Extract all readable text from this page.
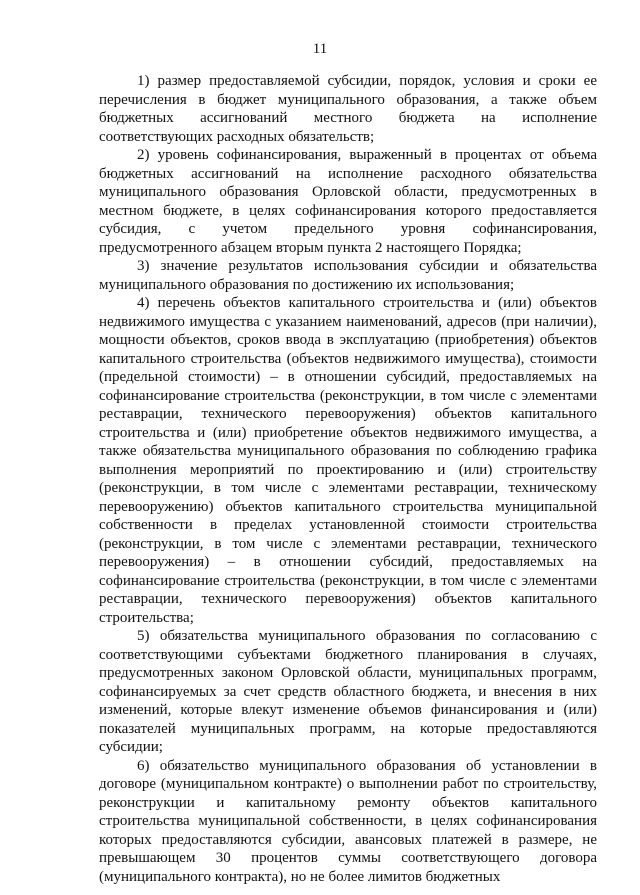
11

1) размер предоставляемой субсидии, порядок, условия и сроки ее перечисления в бюджет муниципального образования, а также объем бюджетных ассигнований местного бюджета на исполнение соответствующих расходных обязательств;

2) уровень софинансирования, выраженный в процентах от объема бюджетных ассигнований на исполнение расходного обязательства муниципального образования Орловской области, предусмотренных в местном бюджете, в целях софинансирования которого предоставляется субсидия, с учетом предельного уровня софинансирования, предусмотренного абзацем вторым пункта 2 настоящего Порядка;

3) значение результатов использования субсидии и обязательства муниципального образования по достижению их использования;

4) перечень объектов капитального строительства и (или) объектов недвижимого имущества с указанием наименований, адресов (при наличии), мощности объектов, сроков ввода в эксплуатацию (приобретения) объектов капитального строительства (объектов недвижимого имущества), стоимости (предельной стоимости) – в отношении субсидий, предоставляемых на софинансирование строительства (реконструкции, в том числе с элементами реставрации, технического перевооружения) объектов капитального строительства и (или) приобретение объектов недвижимого имущества, а также обязательства муниципального образования по соблюдению графика выполнения мероприятий по проектированию и (или) строительству (реконструкции, в том числе с элементами реставрации, техническому перевооружению) объектов капитального строительства муниципальной собственности в пределах установленной стоимости строительства (реконструкции, в том числе с элементами реставрации, технического перевооружения) – в отношении субсидий, предоставляемых на софинансирование строительства (реконструкции, в том числе с элементами реставрации, технического перевооружения) объектов капитального строительства;

5) обязательства муниципального образования по согласованию с соответствующими субъектами бюджетного планирования в случаях, предусмотренных законом Орловской области, муниципальных программ, софинансируемых за счет средств областного бюджета, и внесения в них изменений, которые влекут изменение объемов финансирования и (или) показателей муниципальных программ, на которые предоставляются субсидии;

6) обязательство муниципального образования об установлении в договоре (муниципальном контракте) о выполнении работ по строительству, реконструкции и капитальному ремонту объектов капитального строительства муниципальной собственности, в целях софинансирования которых предоставляются субсидии, авансовых платежей в размере, не превышающем 30 процентов суммы соответствующего договора (муниципального контракта), но не более лимитов бюджетных
